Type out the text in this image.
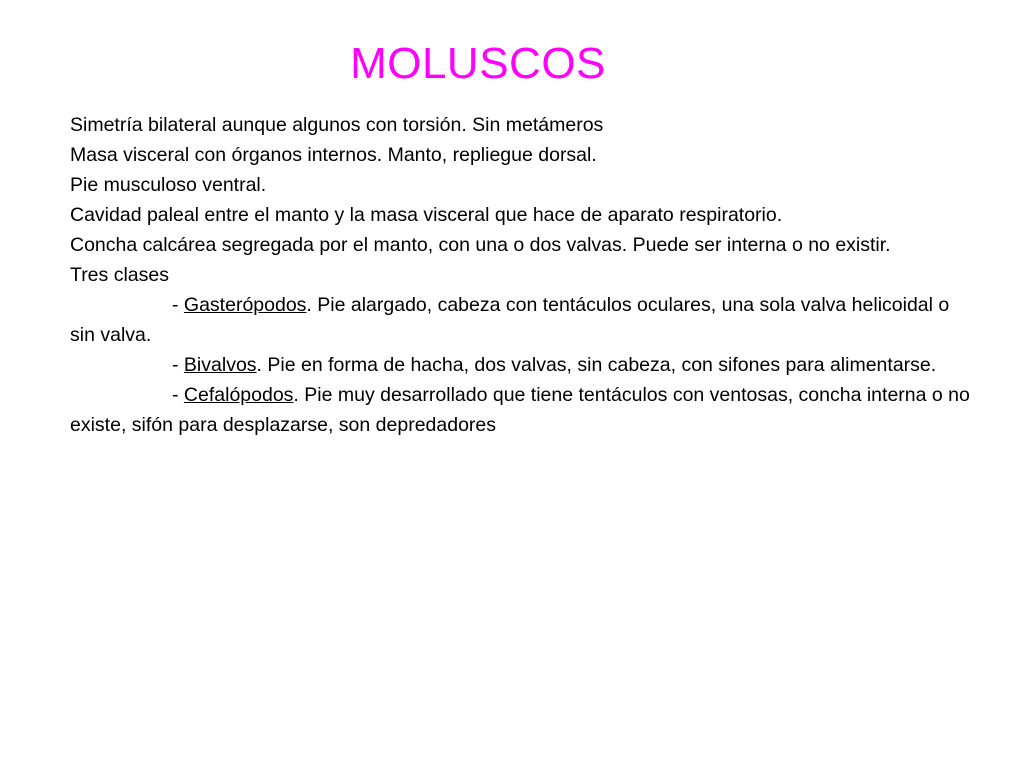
MOLUSCOS

Simetría bilateral aunque algunos con torsión. Sin metámeros

Masa visceral con órganos internos. Manto, repliegue dorsal.

Pie musculoso ventral.

Cavidad paleal entre el manto y la masa visceral que hace de aparato respiratorio.

Concha calcárea segregada por el manto, con una o dos valvas. Puede ser interna o no existir.

Tres clases

- Gasterópodos. Pie alargado, cabeza con tentáculos oculares, una sola valva helicoidal o sin valva.

- Bivalvos. Pie en forma de hacha, dos valvas, sin cabeza, con sifones para alimentarse.

- Cefalópodos. Pie muy desarrollado que tiene tentáculos con ventosas, concha interna o no existe, sifón para desplazarse, son depredadores
